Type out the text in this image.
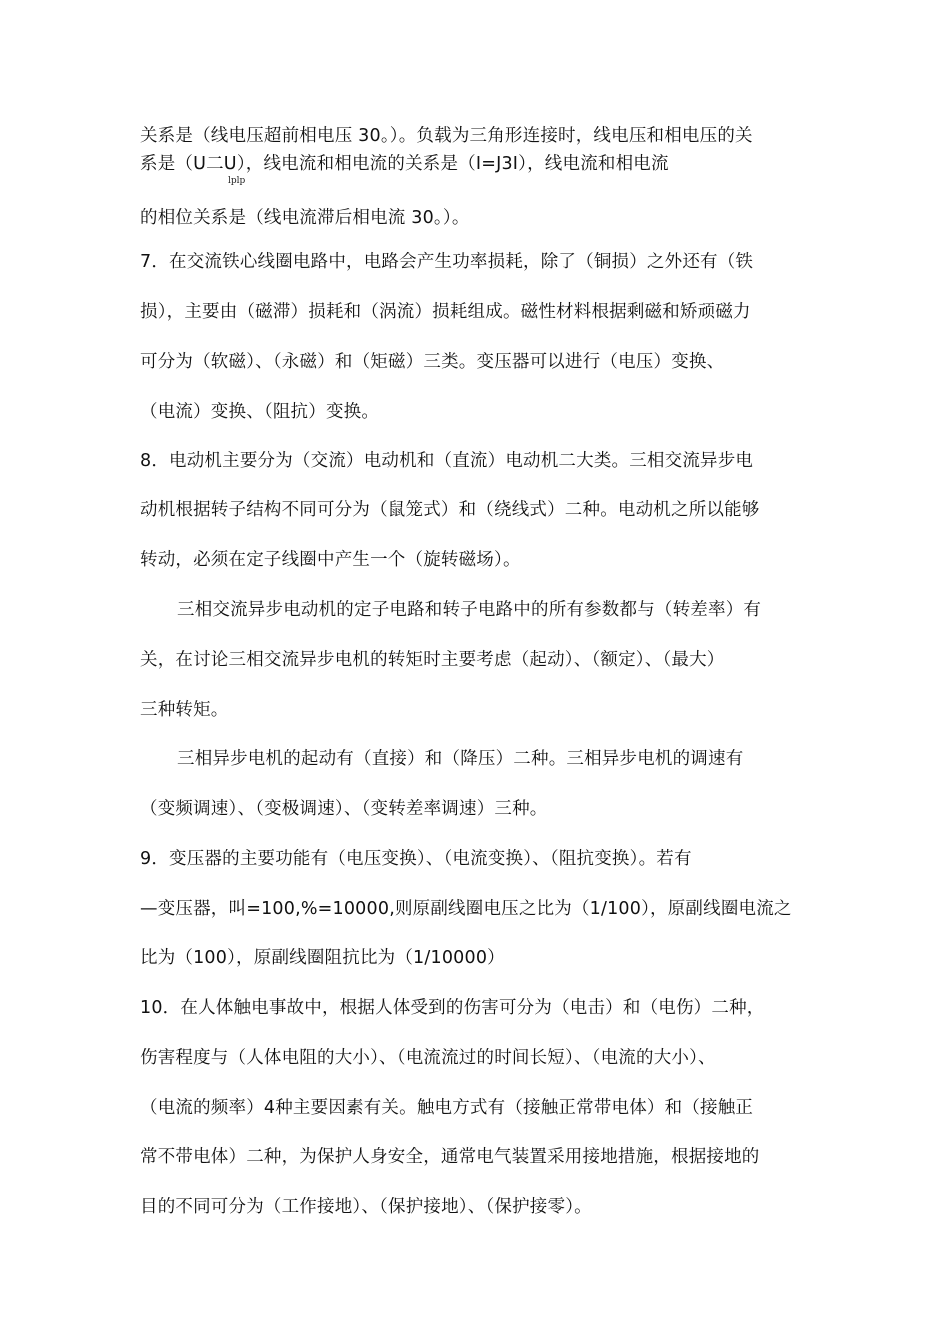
关系是（线电压超前相电压 30。）。负载为三角形连接时，线电压和相电压的关
系是（U二U），线电流和相电流的关系是（I=J3I），线电流和相电流
lplp
的相位关系是（线电流滞后相电流 30。）。
7．在交流铁心线圈电路中，电路会产生功率损耗，除了（铜损）之外还有（铁
损），主要由（磁滞）损耗和（涡流）损耗组成。磁性材料根据剩磁和矫顽磁力
可分为（软磁）、（永磁）和（矩磁）三类。变压器可以进行（电压）变换、
（电流）变换、（阻抗）变换。
8．电动机主要分为（交流）电动机和（直流）电动机二大类。三相交流异步电
动机根据转子结构不同可分为（鼠笼式）和（绕线式）二种。电动机之所以能够
转动，必须在定子线圈中产生一个（旋转磁场）。
三相交流异步电动机的定子电路和转子电路中的所有参数都与（转差率）有
关，在讨论三相交流异步电机的转矩时主要考虑（起动）、（额定）、（最大）
三种转矩。
三相异步电机的起动有（直接）和（降压）二种。三相异步电机的调速有
（变频调速）、（变极调速）、（变转差率调速）三种。
9．变压器的主要功能有（电压变换）、（电流变换）、（阻抗变换）。若有
—变压器，叫=100,%=10000,则原副线圈电压之比为（1/100），原副线圈电流之
比为（100），原副线圈阻抗比为（1/10000）
10．在人体触电事故中，根据人体受到的伤害可分为（电击）和（电伤）二种，
伤害程度与（人体电阻的大小）、（电流流过的时间长短）、（电流的大小）、
（电流的频率）4种主要因素有关。触电方式有（接触正常带电体）和（接触正
常不带电体）二种，为保护人身安全，通常电气装置采用接地措施，根据接地的
目的不同可分为（工作接地）、（保护接地）、（保护接零）。
